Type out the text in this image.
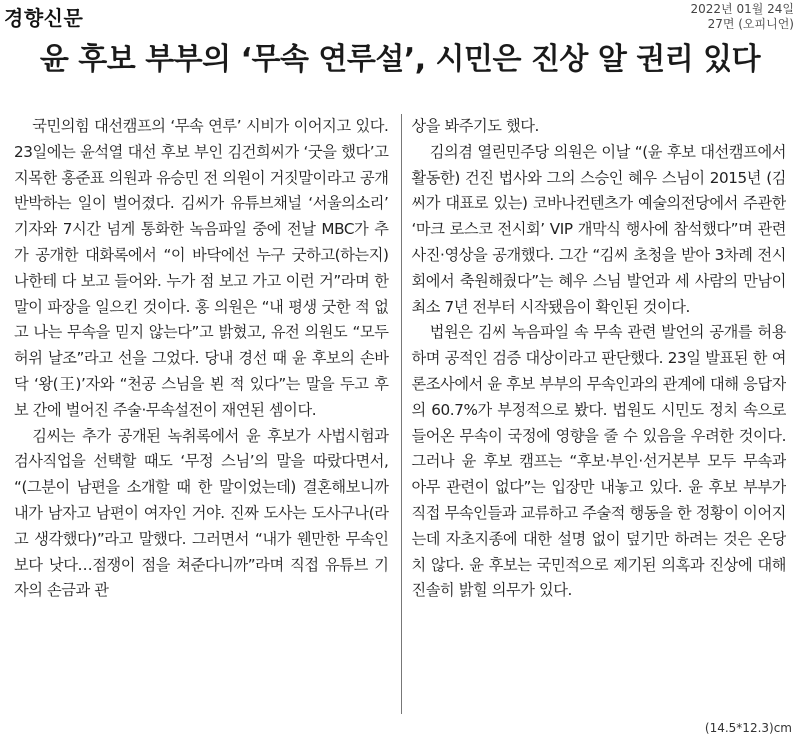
경향신문	2022년 01월 24일
27면 (오피니언)
윤 후보 부부의 ‘무속 연루설’, 시민은 진상 알 권리 있다

국민의힘 대선캠프의 ‘무속 연루’ 시비가 이어지고 있다. 23일에는 윤석열 대선 후보 부인 김건희씨가 ‘굿을 했다’고 지목한 홍준표 의원과 유승민 전 의원이 거짓말이라고 공개 반박하는 일이 벌어졌다. 김씨가 유튜브채널 ‘서울의소리’ 기자와 7시간 넘게 통화한 녹음파일 중에 전날 MBC가 추가 공개한 대화록에서 “이 바닥에선 누구 굿하고(하는지) 나한테 다 보고 들어와. 누가 점 보고 가고 이런 거”라며 한 말이 파장을 일으킨 것이다. 홍 의원은 “내 평생 굿한 적 없고 나는 무속을 믿지 않는다”고 밝혔고, 유전 의원도 “모두 허위 날조”라고 선을 그었다. 당내 경선 때 윤 후보의 손바닥 ‘왕(王)’자와 “천공 스님을 뵌 적 있다”는 말을 두고 후보 간에 벌어진 주술·무속설전이 재연된 셈이다.

김씨는 추가 공개된 녹취록에서 윤 후보가 사법시험과 검사직업을 선택할 때도 ‘무정 스님’의 말을 따랐다면서, “(그분이 남편을 소개할 때 한 말이었는데) 결혼해보니까 내가 남자고 남편이 여자인 거야. 진짜 도사는 도사구나(라고 생각했다)”라고 말했다. 그러면서 “내가 웬만한 무속인보다 낫다…점쟁이 점을 쳐준다니까”라며 직접 유튜브 기자의 손금과 관

상을 봐주기도 했다.

김의겸 열린민주당 의원은 이날 “(윤 후보 대선캠프에서 활동한) 건진 법사와 그의 스승인 혜우 스님이 2015년 (김씨가 대표로 있는) 코바나컨텐츠가 예술의전당에서 주관한 ‘마크 로스코 전시회’ VIP 개막식 행사에 참석했다”며 관련 사진·영상을 공개했다. 그간 “김씨 초청을 받아 3차례 전시회에서 축원해줬다”는 혜우 스님 발언과 세 사람의 만남이 최소 7년 전부터 시작됐음이 확인된 것이다.

법원은 김씨 녹음파일 속 무속 관련 발언의 공개를 허용하며 공적인 검증 대상이라고 판단했다. 23일 발표된 한 여론조사에서 윤 후보 부부의 무속인과의 관계에 대해 응답자의 60.7%가 부정적으로 봤다. 법원도 시민도 정치 속으로 들어온 무속이 국정에 영향을 줄 수 있음을 우려한 것이다. 그러나 윤 후보 캠프는 “후보·부인·선거본부 모두 무속과 아무 관련이 없다”는 입장만 내놓고 있다. 윤 후보 부부가 직접 무속인들과 교류하고 주술적 행동을 한 정황이 이어지는데 자초지종에 대한 설명 없이 덮기만 하려는 것은 온당치 않다. 윤 후보는 국민적으로 제기된 의혹과 진상에 대해 진솔히 밝힐 의무가 있다.

(14.5*12.3)cm
